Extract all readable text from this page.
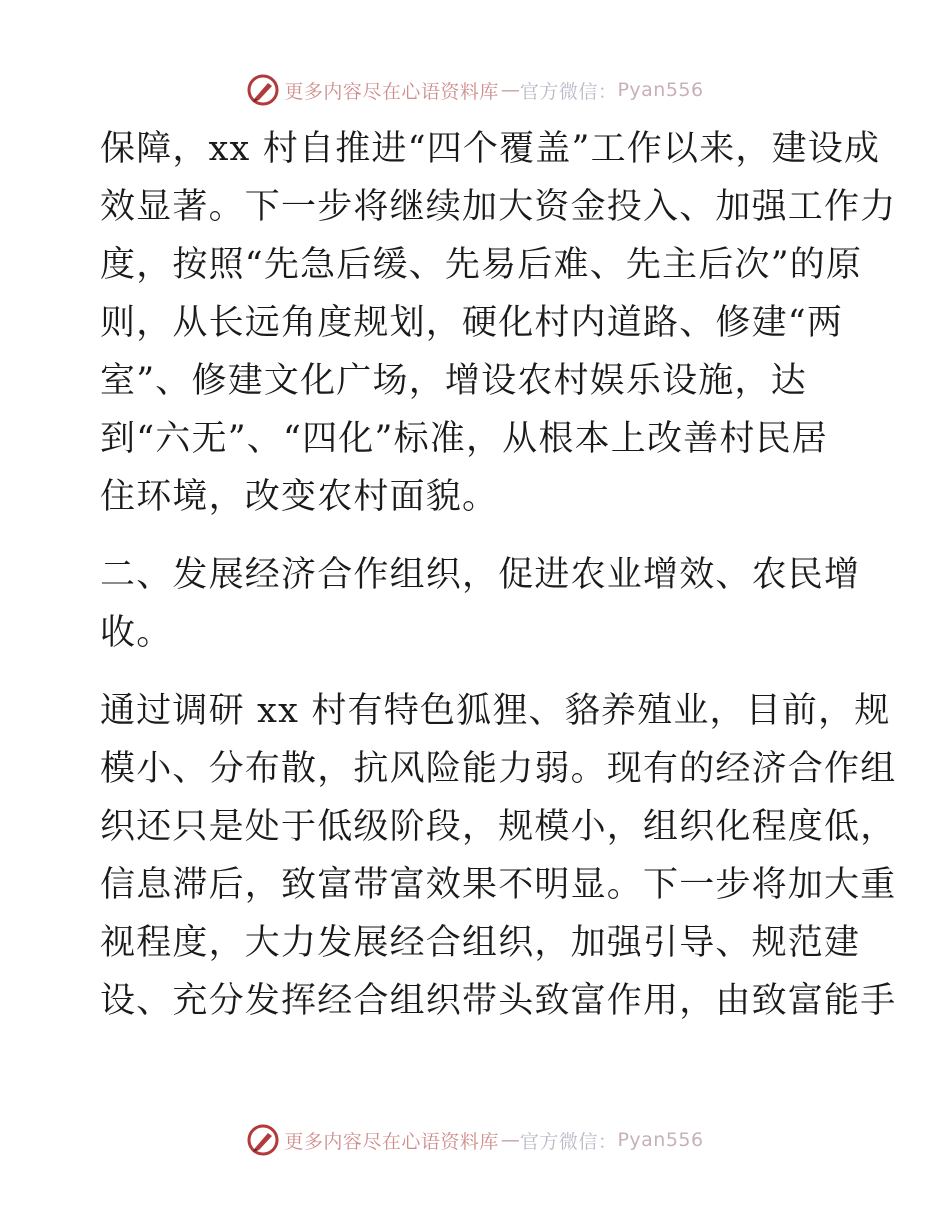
更多内容尽在心语资料库 — 官方微信： Pyan556
保障，xx 村自推进“四个覆盖”工作以来，建设成
效显著。下一步将继续加大资金投入、加强工作力
度，按照“先急后缓、先易后难、先主后次”的原
则，从长远角度规划，硬化村内道路、修建“两
室”、修建文化广场，增设农村娱乐设施，达
到“六无”、“四化”标准，从根本上改善村民居
住环境，改变农村面貌。
二、发展经济合作组织，促进农业增效、农民增
收。
通过调研 xx 村有特色狐狸、貉养殖业，目前，规
模小、分布散，抗风险能力弱。现有的经济合作组
织还只是处于低级阶段，规模小，组织化程度低，
信息滞后，致富带富效果不明显。下一步将加大重
视程度，大力发展经合组织，加强引导、规范建
设、充分发挥经合组织带头致富作用，由致富能手
更多内容尽在心语资料库 — 官方微信： Pyan556
